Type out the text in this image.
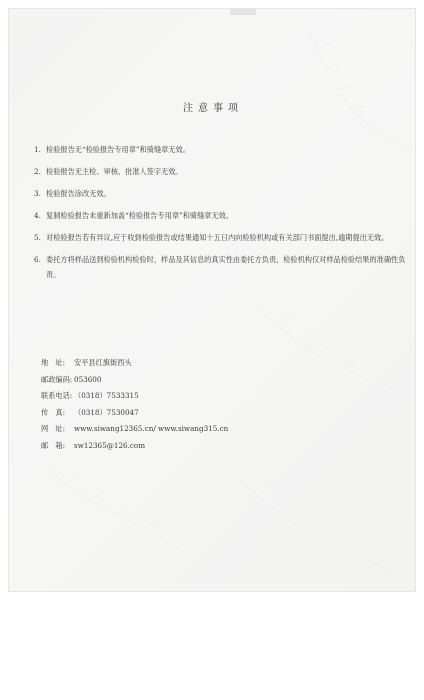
注意事项
1. 检验报告无“检验报告专用章”和骑缝章无效。
2. 检验报告无主检、审核、批准人签字无效。
3. 检验报告涂改无效。
4. 复制检验报告未重新加盖“检验报告专用章”和骑缝章无效。
5. 对检验报告若有异议,应于收到检验报告或结果通知十五日内向检验机构或有关部门书面提出,逾期提出无效。
6. 委托方将样品送到检验机构检验时，样品及其信息的真实性由委托方负责，检验机构仅对样品检验结果的准确性负责。
地　址:	安平县红旗街西头
邮政编码: 053600
联系电话: （0318）7533315
传　真:	（0318）7530047
网　址:	www.siwang12365.cn/ www.siwang315.cn
邮　箱:	sw12365@126.com
